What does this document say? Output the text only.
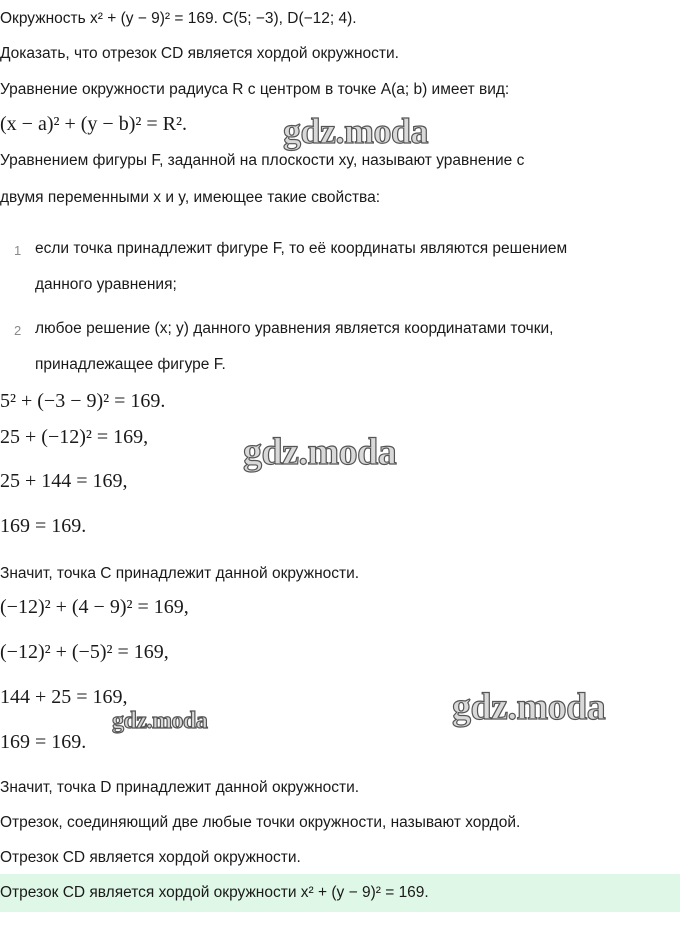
Окружность x² + (y − 9)² = 169. C(5; −3), D(−12; 4).
Доказать, что отрезок CD является хордой окружности.
Уравнение окружности радиуса R с центром в точке A(a; b) имеет вид:
(x − a)² + (y − b)² = R².
Уравнением фигуры F, заданной на плоскости xy, называют уравнение с
двумя переменными x и y, имеющее такие свойства:
1 если точка принадлежит фигуре F, то её координаты являются решением
данного уравнения;
2 любое решение (x; y) данного уравнения является координатами точки,
принадлежащее фигуре F.
5² + (−3 − 9)² = 169.
25 + (−12)² = 169,
25 + 144 = 169,
169 = 169.
Значит, точка C принадлежит данной окружности.
(−12)² + (4 − 9)² = 169,
(−12)² + (−5)² = 169,
144 + 25 = 169,
169 = 169.
Значит, точка D принадлежит данной окружности.
Отрезок, соединяющий две любые точки окружности, называют хордой.
Отрезок CD является хордой окружности.
Отрезок CD является хордой окружности x² + (y − 9)² = 169.
gdz.moda
gdz.moda
gdz.moda	gdz.moda
